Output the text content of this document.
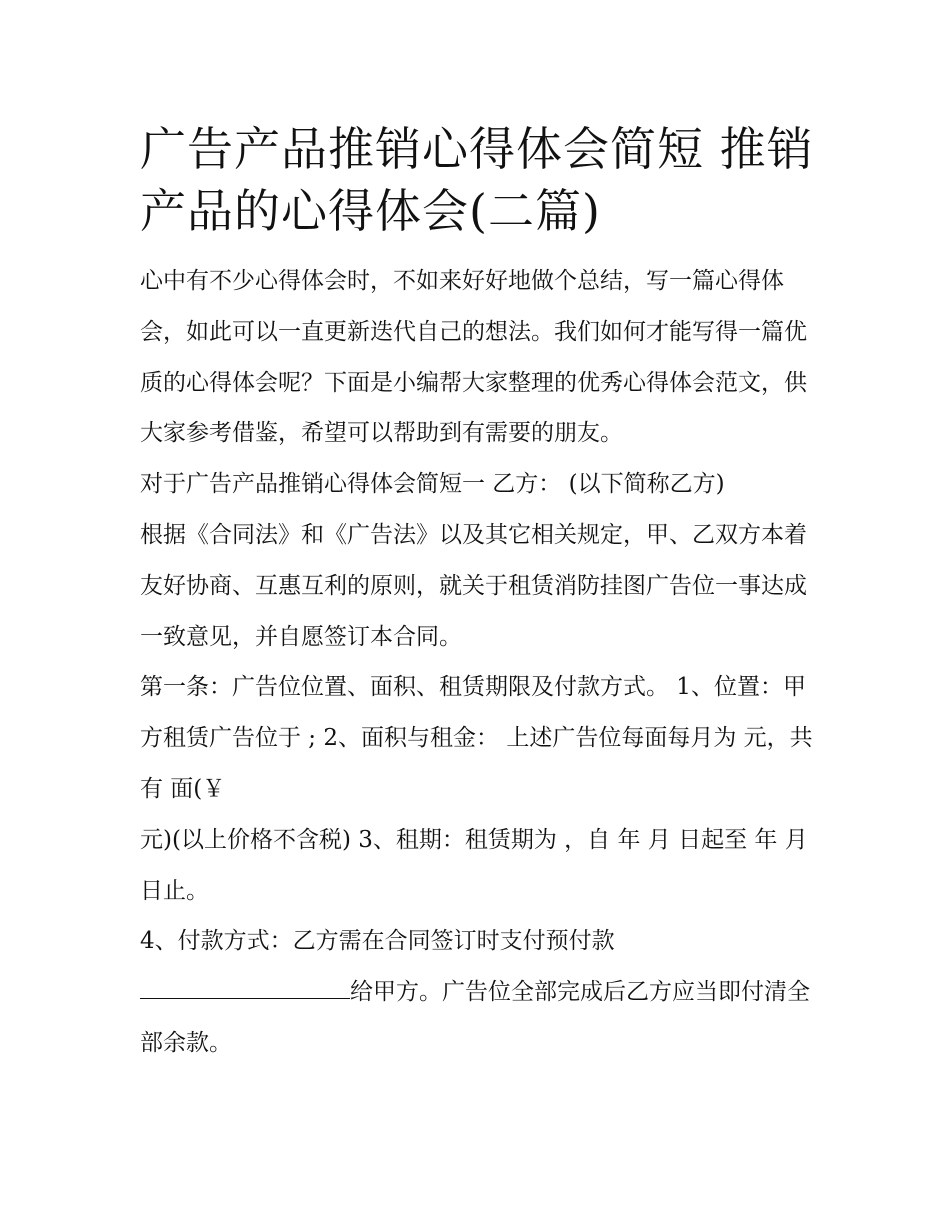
广告产品推销心得体会简短 推销产品的心得体会(二篇)

心中有不少心得体会时，不如来好好地做个总结，写一篇心得体会，如此可以一直更新迭代自己的想法。我们如何才能写得一篇优质的心得体会呢？下面是小编帮大家整理的优秀心得体会范文，供大家参考借鉴，希望可以帮助到有需要的朋友。

对于广告产品推销心得体会简短一 乙方： (以下简称乙方)

根据《合同法》和《广告法》以及其它相关规定，甲、乙双方本着友好协商、互惠互利的原则，就关于租赁消防挂图广告位一事达成一致意见，并自愿签订本合同。

第一条：广告位位置、面积、租赁期限及付款方式。 1、位置：甲方租赁广告位于 ; 2、面积与租金： 上述广告位每面每月为 元，共有 面(￥

元)(以上价格不含税) 3、租期：租赁期为 ，自 年 月 日起至 年 月 日止。

4、付款方式：乙方需在合同签订时支付预付款

给甲方。广告位全部完成后乙方应当即付清全部余款。
